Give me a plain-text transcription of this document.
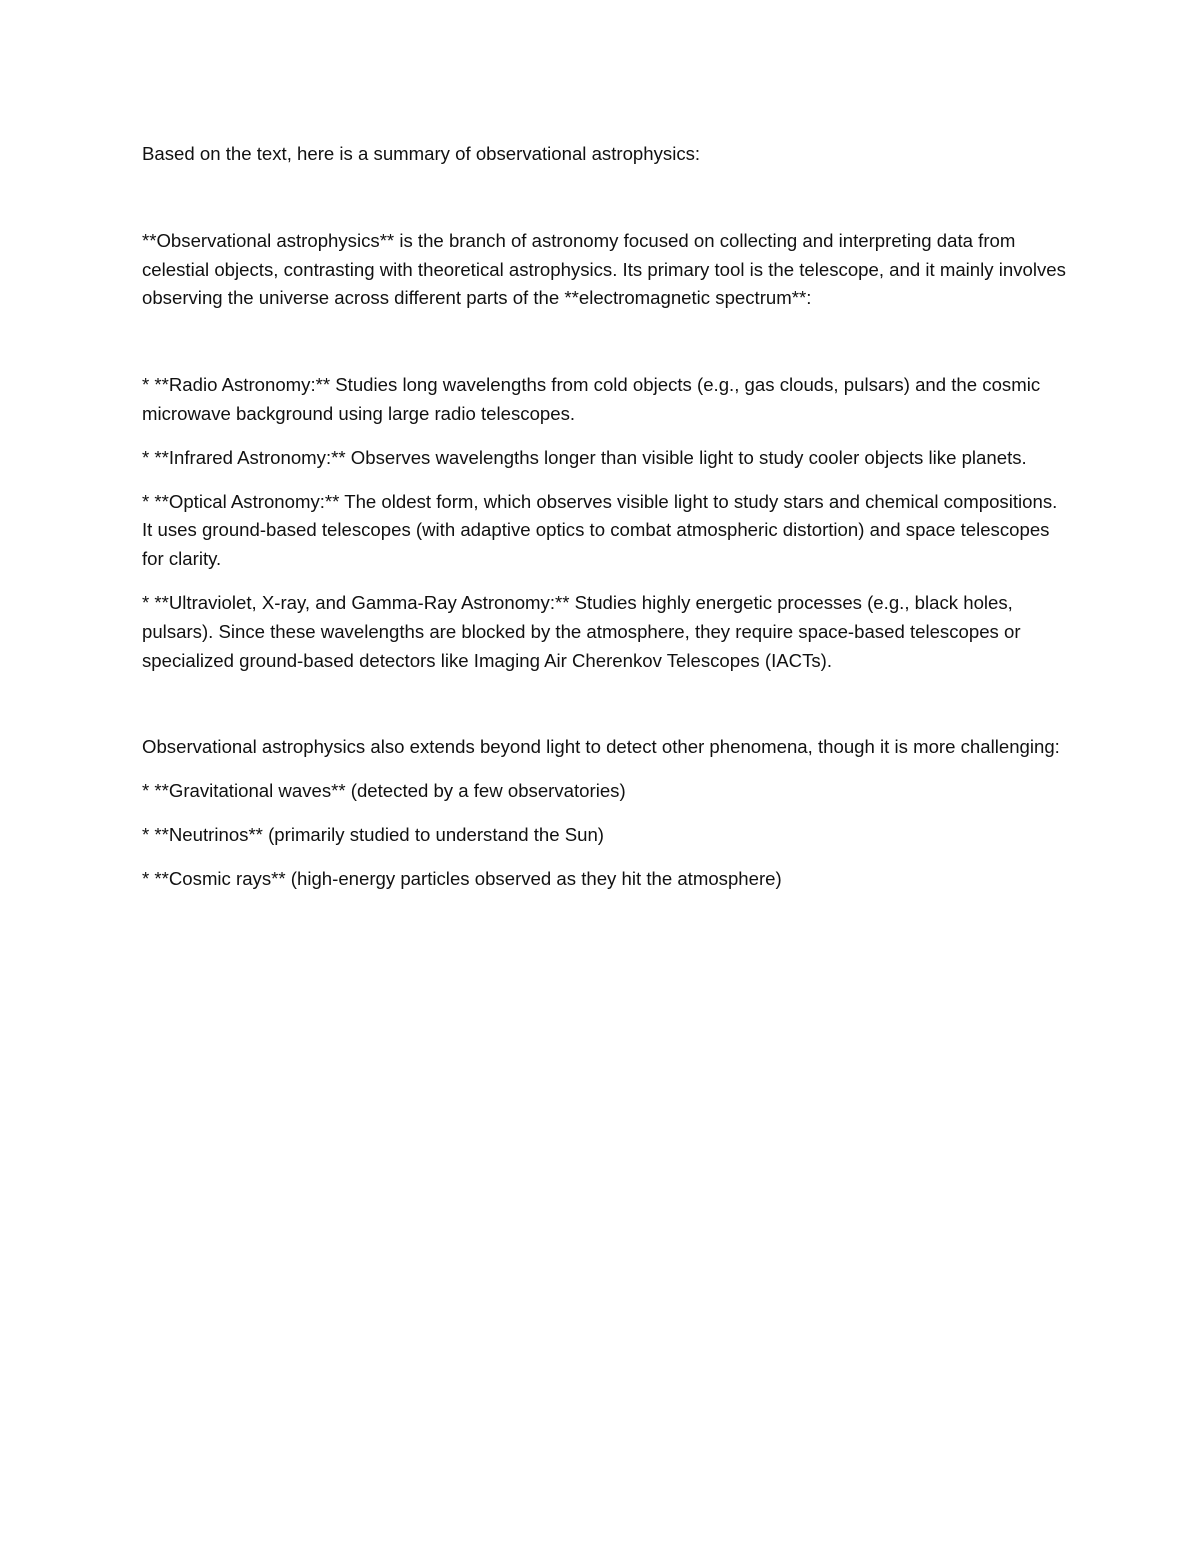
Based on the text, here is a summary of observational astrophysics:

**Observational astrophysics** is the branch of astronomy focused on collecting and interpreting data from celestial objects, contrasting with theoretical astrophysics. Its primary tool is the telescope, and it mainly involves observing the universe across different parts of the **electromagnetic spectrum**:

* **Radio Astronomy:** Studies long wavelengths from cold objects (e.g., gas clouds, pulsars) and the cosmic microwave background using large radio telescopes.

* **Infrared Astronomy:** Observes wavelengths longer than visible light to study cooler objects like planets.

* **Optical Astronomy:** The oldest form, which observes visible light to study stars and chemical compositions. It uses ground-based telescopes (with adaptive optics to combat atmospheric distortion) and space telescopes for clarity.

* **Ultraviolet, X-ray, and Gamma-Ray Astronomy:** Studies highly energetic processes (e.g., black holes, pulsars). Since these wavelengths are blocked by the atmosphere, they require space-based telescopes or specialized ground-based detectors like Imaging Air Cherenkov Telescopes (IACTs).

Observational astrophysics also extends beyond light to detect other phenomena, though it is more challenging:

* **Gravitational waves** (detected by a few observatories)

* **Neutrinos** (primarily studied to understand the Sun)

* **Cosmic rays** (high-energy particles observed as they hit the atmosphere)
